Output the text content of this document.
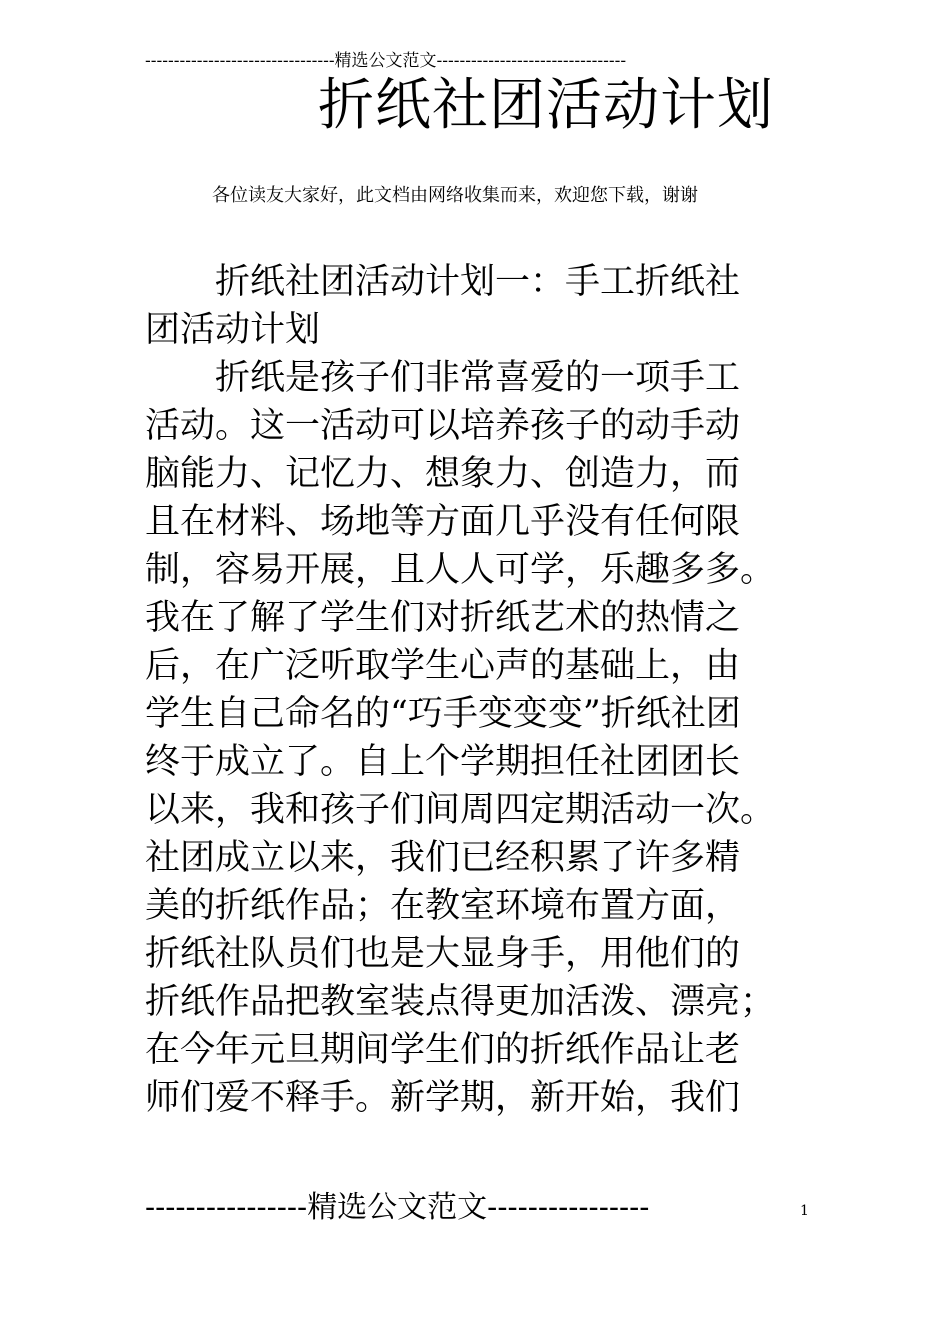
---------------------------------精选公文范文---------------------------------
折纸社团活动计划
各位读友大家好，此文档由网络收集而来，欢迎您下载，谢谢
　　折纸社团活动计划一：手工折纸社
团活动计划
　　折纸是孩子们非常喜爱的一项手工
活动。这一活动可以培养孩子的动手动
脑能力、记忆力、想象力、创造力，而
且在材料、场地等方面几乎没有任何限
制，容易开展，且人人可学，乐趣多多。
我在了解了学生们对折纸艺术的热情之
后，在广泛听取学生心声的基础上，由
学生自己命名的“巧手变变变”折纸社团
终于成立了。自上个学期担任社团团长
以来，我和孩子们间周四定期活动一次。
社团成立以来，我们已经积累了许多精
美的折纸作品；在教室环境布置方面，
折纸社队员们也是大显身手，用他们的
折纸作品把教室装点得更加活泼、漂亮；
在今年元旦期间学生们的折纸作品让老
师们爱不释手。新学期，新开始，我们
----------------精选公文范文----------------	1
